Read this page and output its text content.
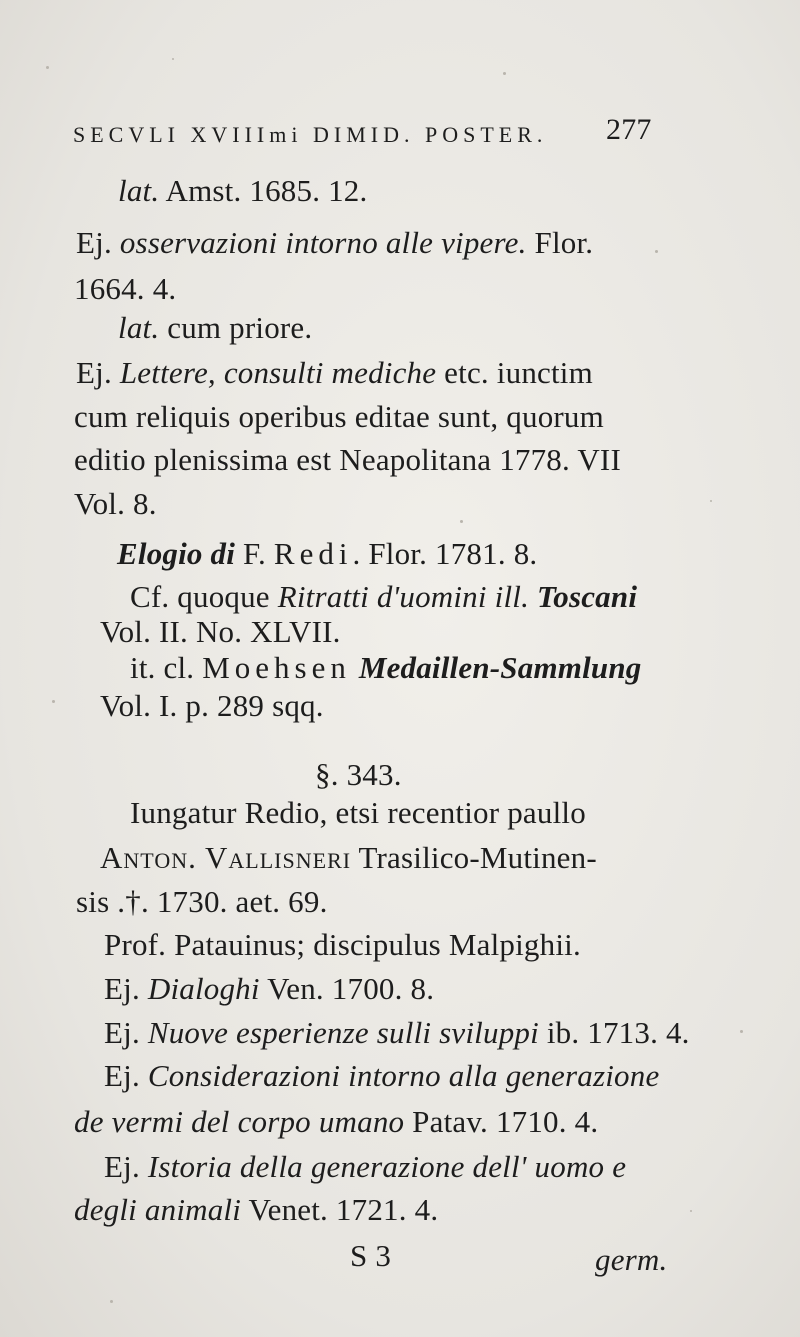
SECVLI XVIIImi DIMID. POSTER. 277
lat. Amst. 1685. 12.
Ej. osservazioni intorno alle vipere. Flor.
1664. 4.
lat. cum priore.
Ej. Lettere, consulti mediche etc. iunctim
cum reliquis operibus editae sunt, quorum
editio plenissima est Neapolitana 1778. VII
Vol. 8.
Elogio di F. Redi. Flor. 1781. 8.
Cf. quoque Ritratti d'uomini ill. Toscani
Vol. II. No. XLVII.
it. cl. Moehsen Medaillen-Sammlung
Vol. I. p. 289 sqq.
§. 343.
Iungatur Redio, etsi recentior paullo
Anton. Vallisneri Trasilico-Mutinen-
sis .†. 1730. aet. 69.
Prof. Patauinus; discipulus Malpighii.
Ej. Dialoghi Ven. 1700. 8.
Ej. Nuove esperienze sulli sviluppi ib. 1713. 4.
Ej. Considerazioni intorno alla generazione
de vermi del corpo umano Patav. 1710. 4.
Ej. Istoria della generazione dell' uomo e
degli animali Venet. 1721. 4.
S 3	germ.
